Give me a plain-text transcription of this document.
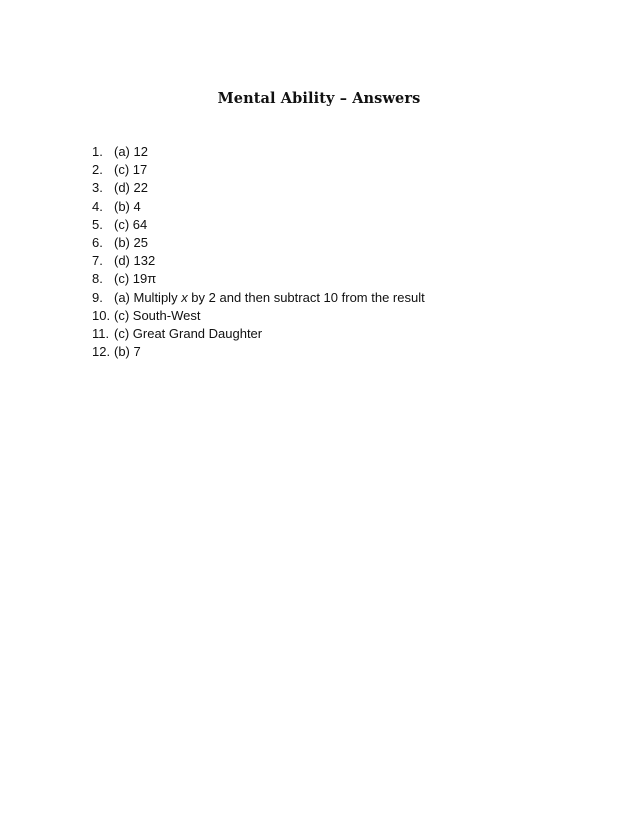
Mental Ability – Answers
1. (a) 12
2. (c) 17
3. (d) 22
4. (b) 4
5. (c) 64
6. (b) 25
7. (d) 132
8. (c) 19π
9. (a) Multiply x by 2 and then subtract 10 from the result
10. (c) South-West
11. (c) Great Grand Daughter
12. (b) 7
